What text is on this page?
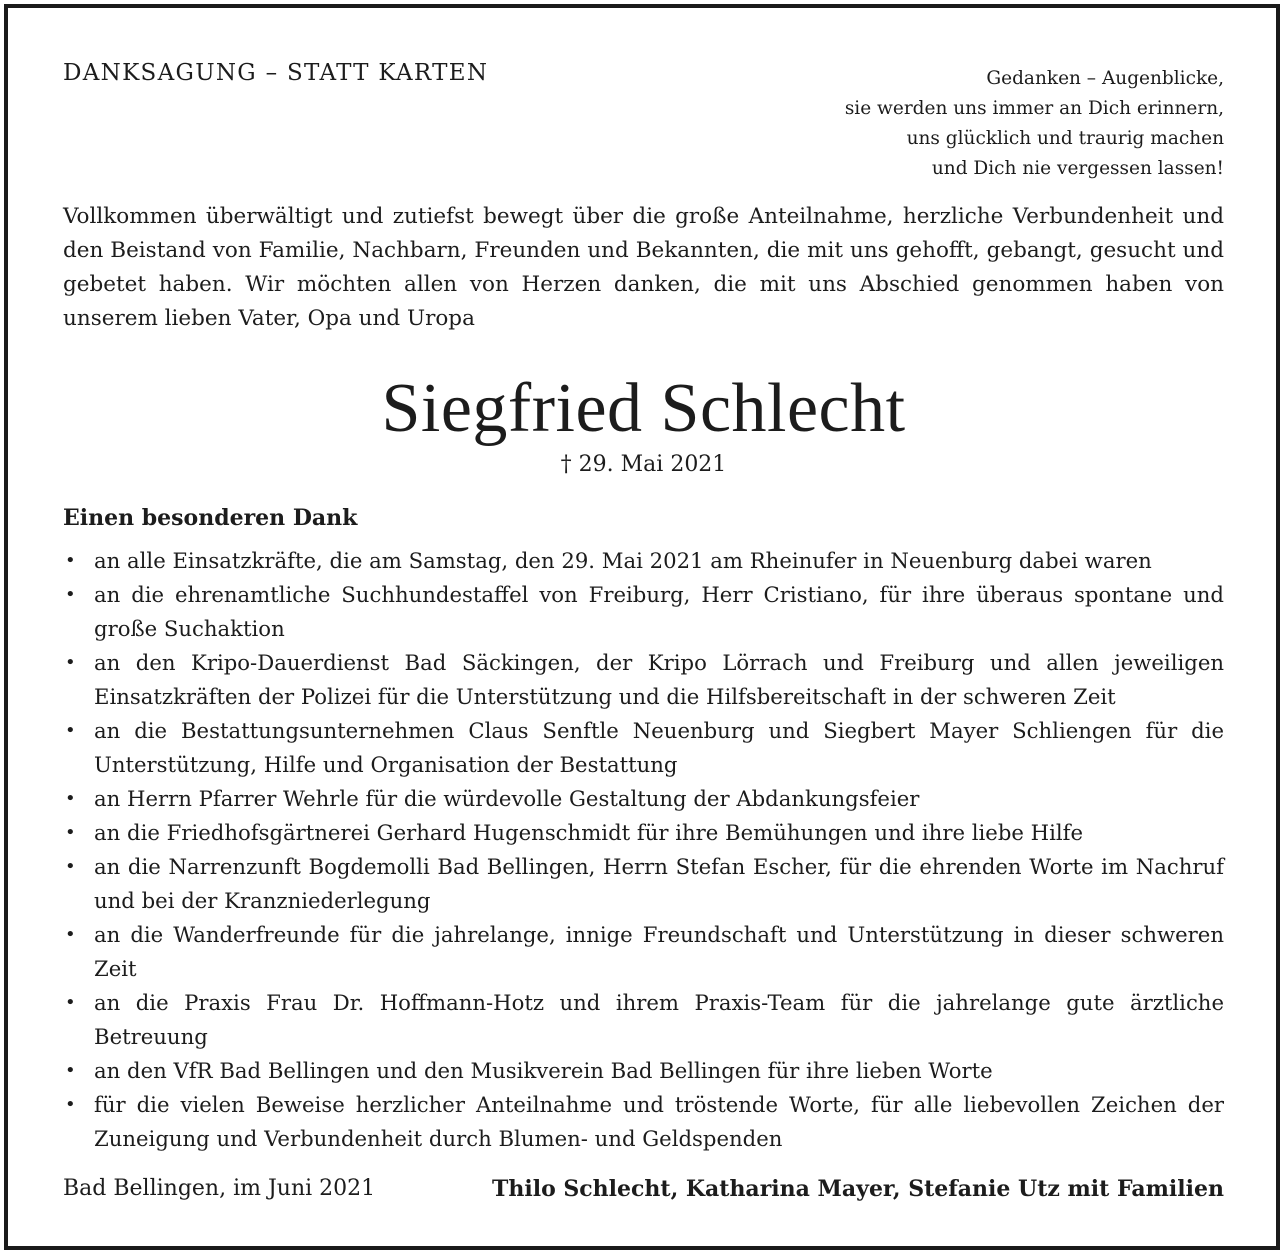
DANKSAGUNG – STATT KARTEN	Gedanken – Augenblicke,
sie werden uns immer an Dich erinnern,
uns glücklich und traurig machen
und Dich nie vergessen lassen!
Vollkommen überwältigt und zutiefst bewegt über die große Anteilnahme, herzliche Verbundenheit und den Beistand von Familie, Nachbarn, Freunden und Bekannten, die mit uns gehofft, gebangt, gesucht und gebetet haben. Wir möchten allen von Herzen danken, die mit uns Abschied genommen haben von unserem lieben Vater, Opa und Uropa
Siegfried Schlecht
† 29. Mai 2021
Einen besonderen Dank
• an alle Einsatzkräfte, die am Samstag, den 29. Mai 2021 am Rheinufer in Neuenburg dabei waren
• an die ehrenamtliche Suchhundestaffel von Freiburg, Herr Cristiano, für ihre überaus spontane und große Suchaktion
• an den Kripo-Dauerdienst Bad Säckingen, der Kripo Lörrach und Freiburg und allen jeweiligen Einsatzkräften der Polizei für die Unterstützung und die Hilfsbereitschaft in der schweren Zeit
• an die Bestattungsunternehmen Claus Senftle Neuenburg und Siegbert Mayer Schliengen für die Unterstützung, Hilfe und Organisation der Bestattung
• an Herrn Pfarrer Wehrle für die würdevolle Gestaltung der Abdankungsfeier
• an die Friedhofsgärtnerei Gerhard Hugenschmidt für ihre Bemühungen und ihre liebe Hilfe
• an die Narrenzunft Bogdemolli Bad Bellingen, Herrn Stefan Escher, für die ehrenden Worte im Nachruf und bei der Kranzniederlegung
• an die Wanderfreunde für die jahrelange, innige Freundschaft und Unterstützung in dieser schweren Zeit
• an die Praxis Frau Dr. Hoffmann-Hotz und ihrem Praxis-Team für die jahrelange gute ärztliche Betreuung
• an den VfR Bad Bellingen und den Musikverein Bad Bellingen für ihre lieben Worte
• für die vielen Beweise herzlicher Anteilnahme und tröstende Worte, für alle liebevollen Zeichen der Zuneigung und Verbundenheit durch Blumen- und Geldspenden
Bad Bellingen, im Juni 2021	Thilo Schlecht, Katharina Mayer, Stefanie Utz mit Familien
